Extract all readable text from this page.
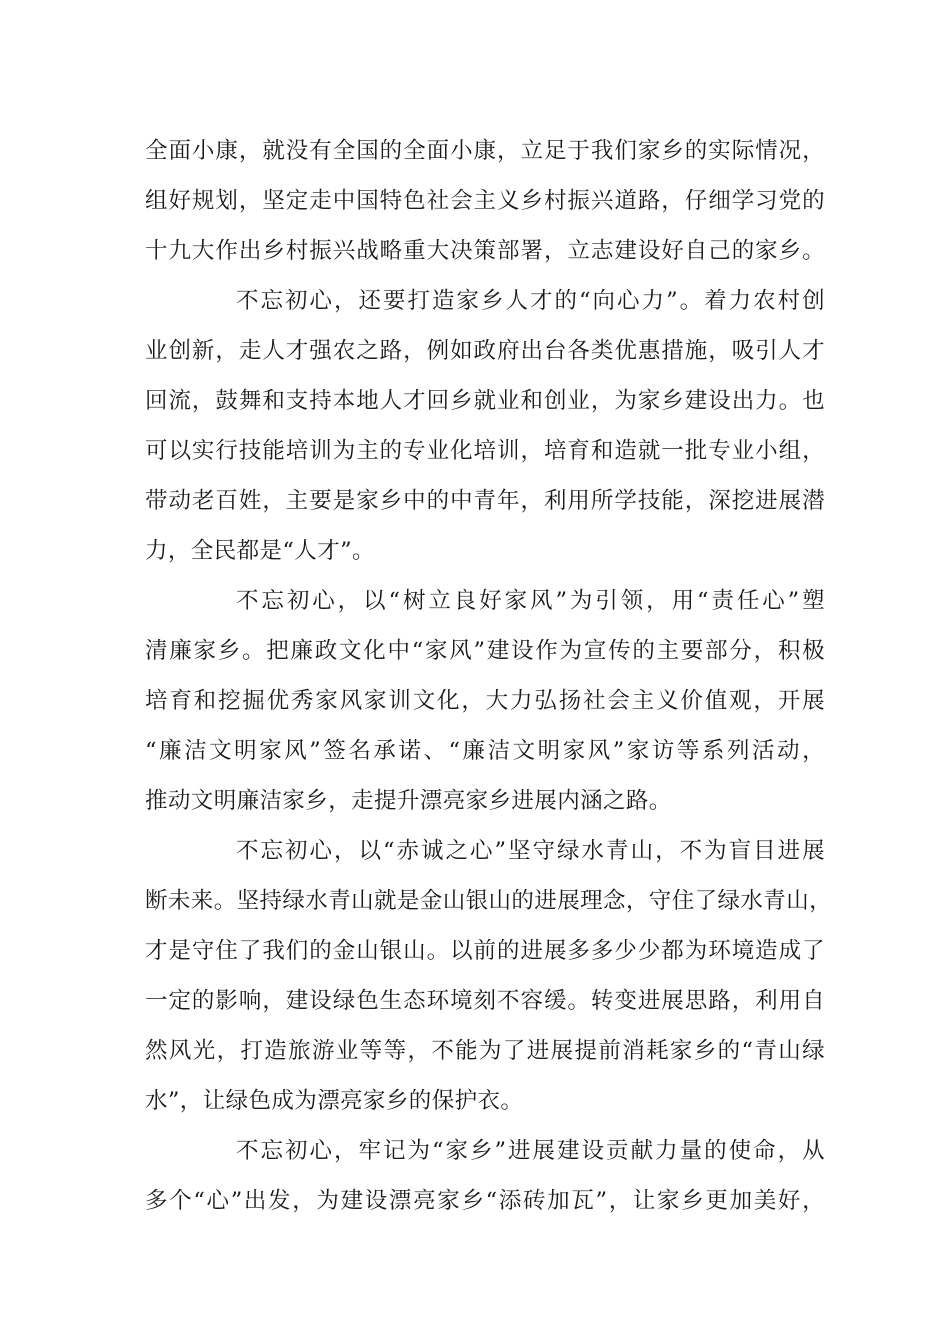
全面小康，就没有全国的全面小康，立足于我们家乡的实际情况，
组好规划，坚定走中国特色社会主义乡村振兴道路，仔细学习党的
十九大作出乡村振兴战略重大决策部署，立志建设好自己的家乡。
不忘初心，还要打造家乡人才的“向心力”。着力农村创
业创新，走人才强农之路，例如政府出台各类优惠措施，吸引人才
回流，鼓舞和支持本地人才回乡就业和创业，为家乡建设出力。也
可以实行技能培训为主的专业化培训，培育和造就一批专业小组，
带动老百姓，主要是家乡中的中青年，利用所学技能，深挖进展潜
力，全民都是“人才”。
不忘初心，以“树立良好家风”为引领，用“责任心”塑
清廉家乡。把廉政文化中“家风”建设作为宣传的主要部分，积极
培育和挖掘优秀家风家训文化，大力弘扬社会主义价值观，开展
“廉洁文明家风”签名承诺、“廉洁文明家风”家访等系列活动，
推动文明廉洁家乡，走提升漂亮家乡进展内涵之路。
不忘初心，以“赤诚之心”坚守绿水青山，不为盲目进展
断未来。坚持绿水青山就是金山银山的进展理念，守住了绿水青山，
才是守住了我们的金山银山。以前的进展多多少少都为环境造成了
一定的影响，建设绿色生态环境刻不容缓。转变进展思路，利用自
然风光，打造旅游业等等，不能为了进展提前消耗家乡的“青山绿
水”，让绿色成为漂亮家乡的保护衣。
不忘初心，牢记为“家乡”进展建设贡献力量的使命，从
多个“心”出发，为建设漂亮家乡“添砖加瓦”，让家乡更加美好，
